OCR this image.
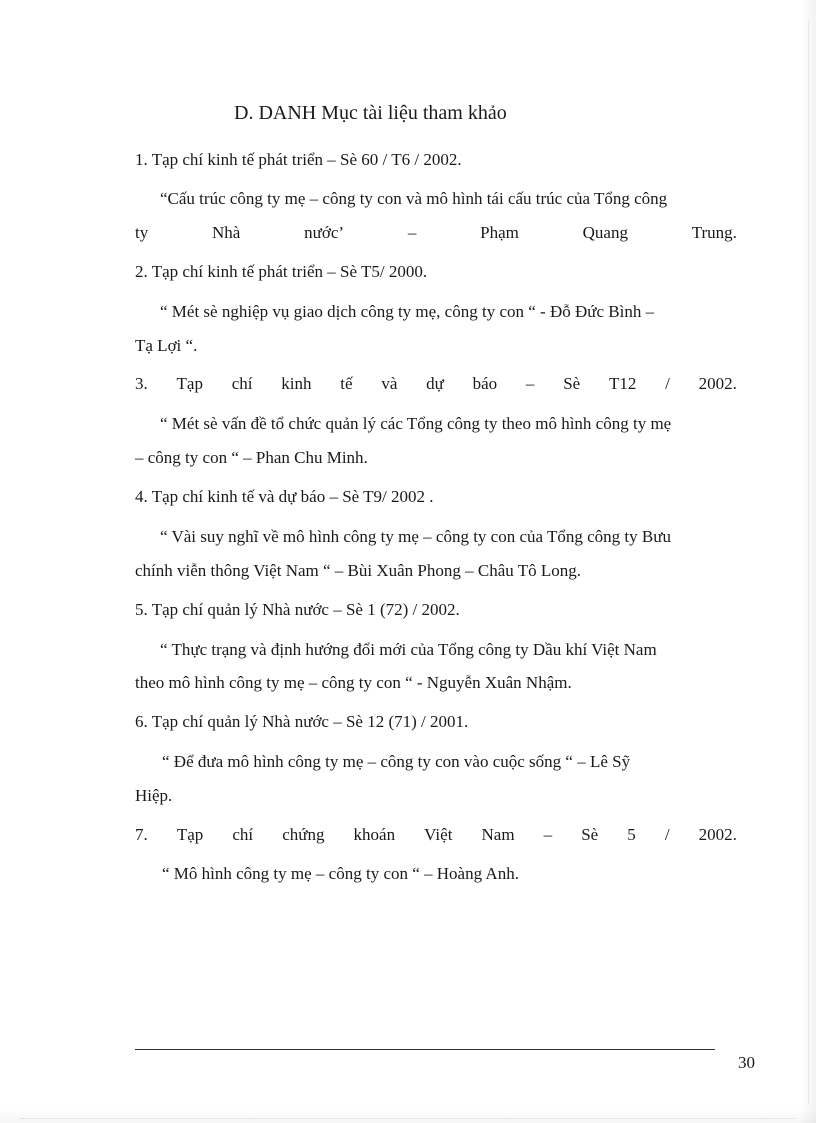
D. DANH Mục tài liệu tham khảo
1. Tạp chí kinh tế phát triển – Sè 60 / T6 / 2002.
“Cấu trúc công ty mẹ – công ty con và mô hình tái cấu trúc của Tổng công
ty	Nhà	nước’	–	Phạm	Quang	Trung.
2. Tạp chí kinh tế phát triển – Sè T5/ 2000.
“ Mét sè nghiệp vụ giao dịch công ty mẹ, công ty con “ - Đỗ Đức Bình –
Tạ Lợi “.
3. Tạp chí kinh tế và dự báo – Sè T12 / 2002.
“ Mét sè vấn đề tổ chức quản lý các Tổng công ty theo mô hình công ty mẹ
– công ty con “ – Phan Chu Minh.
4. Tạp chí kinh tế và dự báo – Sè T9/ 2002 .
“ Vài suy nghĩ về mô hình công ty mẹ – công ty con của Tổng công ty Bưu
chính viễn thông Việt Nam “ – Bùi Xuân Phong – Châu Tô Long.
5. Tạp chí quản lý Nhà nước – Sè 1 (72) / 2002.
“ Thực trạng và định hướng đổi mới của Tổng công ty Dầu khí Việt Nam
theo mô hình công ty mẹ – công ty con “ - Nguyễn Xuân Nhậm.
6. Tạp chí quản lý Nhà nước – Sè 12 (71) / 2001.
“ Để đưa mô hình công ty mẹ – công ty con vào cuộc sống “ – Lê Sỹ
Hiệp.
7. Tạp chí chứng khoán Việt Nam – Sè 5 / 2002.
“ Mô hình công ty mẹ – công ty con “ – Hoàng Anh.
30
